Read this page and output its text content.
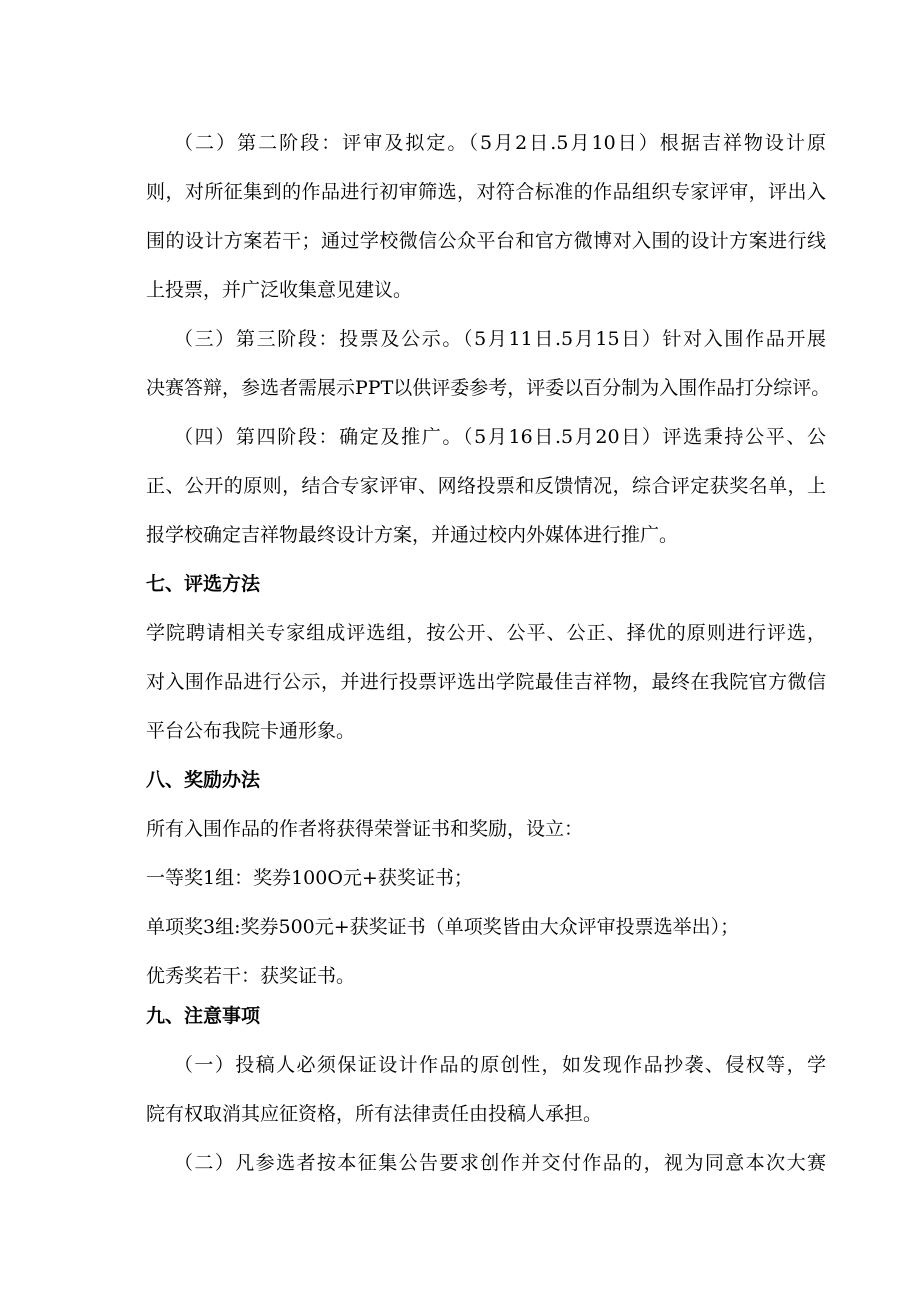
（二）第二阶段：评审及拟定。（5月2日.5月10日）根据吉祥物设计原
则，对所征集到的作品进行初审筛选，对符合标准的作品组织专家评审，评出入
围的设计方案若干；通过学校微信公众平台和官方微博对入围的设计方案进行线
上投票，并广泛收集意见建议。
（三）第三阶段：投票及公示。（5月11日.5月15日）针对入围作品开展
决赛答辩，参选者需展示PPT以供评委参考，评委以百分制为入围作品打分综评。
（四）第四阶段：确定及推广。（5月16日.5月20日）评选秉持公平、公
正、公开的原则，结合专家评审、网络投票和反馈情况，综合评定获奖名单，上
报学校确定吉祥物最终设计方案，并通过校内外媒体进行推广。
七、评选方法
学院聘请相关专家组成评选组，按公开、公平、公正、择优的原则进行评选，
对入围作品进行公示，并进行投票评选出学院最佳吉祥物，最终在我院官方微信
平台公布我院卡通形象。
八、奖励办法
所有入围作品的作者将获得荣誉证书和奖励，设立：
一等奖1组：奖券100O元+获奖证书；
单项奖3组:奖券500元+获奖证书（单项奖皆由大众评审投票选举出）；
优秀奖若干：获奖证书。
九、注意事项
（一）投稿人必须保证设计作品的原创性，如发现作品抄袭、侵权等，学
院有权取消其应征资格，所有法律责任由投稿人承担。
（二）凡参选者按本征集公告要求创作并交付作品的，视为同意本次大赛
